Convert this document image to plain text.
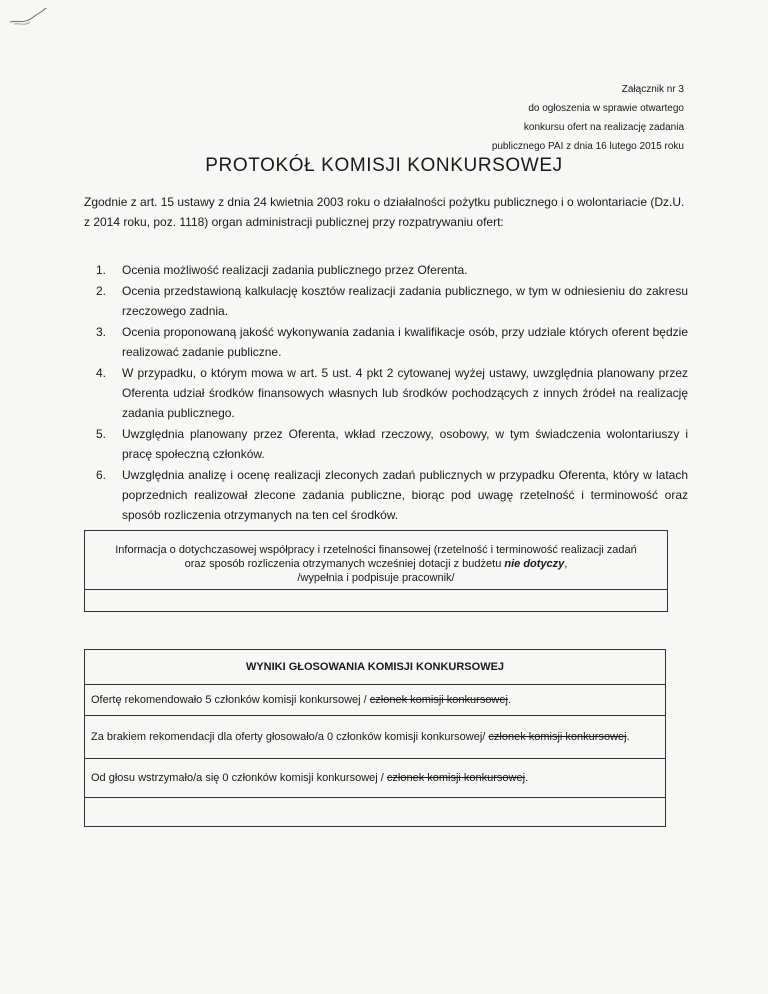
Załącznik nr 3
do ogłoszenia w sprawie otwartego
konkursu ofert na realizację zadania
publicznego PAI z dnia 16 lutego 2015 roku
PROTOKÓŁ KOMISJI KONKURSOWEJ
Zgodnie z art. 15 ustawy z dnia 24 kwietnia 2003 roku o działalności pożytku publicznego i o wolontariacie (Dz.U. z 2014 roku, poz. 1118) organ administracji publicznej przy rozpatrywaniu ofert:
1.	Ocenia możliwość realizacji zadania publicznego przez Oferenta.
2.	Ocenia przedstawioną kalkulację kosztów realizacji zadania publicznego, w tym w odniesieniu do zakresu rzeczowego zadnia.
3.	Ocenia proponowaną jakość wykonywania zadania i kwalifikacje osób, przy udziale których oferent będzie realizować zadanie publiczne.
4.	W przypadku, o którym mowa w art. 5 ust. 4 pkt 2 cytowanej wyżej ustawy, uwzględnia planowany przez Oferenta udział środków finansowych własnych lub środków pochodzących z innych źródeł na realizację zadania publicznego.
5.	Uwzględnia planowany przez Oferenta, wkład rzeczowy, osobowy, w tym świadczenia wolontariuszy i pracę społeczną członków.
6.	Uwzględnia analizę i ocenę realizacji zleconych zadań publicznych w przypadku Oferenta, który w latach poprzednich realizował zlecone zadania publiczne, biorąc pod uwagę rzetelność i terminowość oraz sposób rozliczenia otrzymanych na ten cel środków.
Informacja o dotychczasowej współpracy i rzetelności finansowej (rzetelność i terminowość realizacji zadań
oraz sposób rozliczenia otrzymanych wcześniej dotacji z budżetu nie dotyczy,
/wypełnia i podpisuje pracownik/
WYNIKI GŁOSOWANIA KOMISJI KONKURSOWEJ
Ofertę rekomendowało 5 członków komisji konkursowej / członek komisji konkursowej.
Za brakiem rekomendacji dla oferty głosowało/a 0 członków komisji konkursowej/ członek komisji konkursowej.
Od głosu wstrzymało/a się 0 członków komisji konkursowej / członek komisji konkursowej.
